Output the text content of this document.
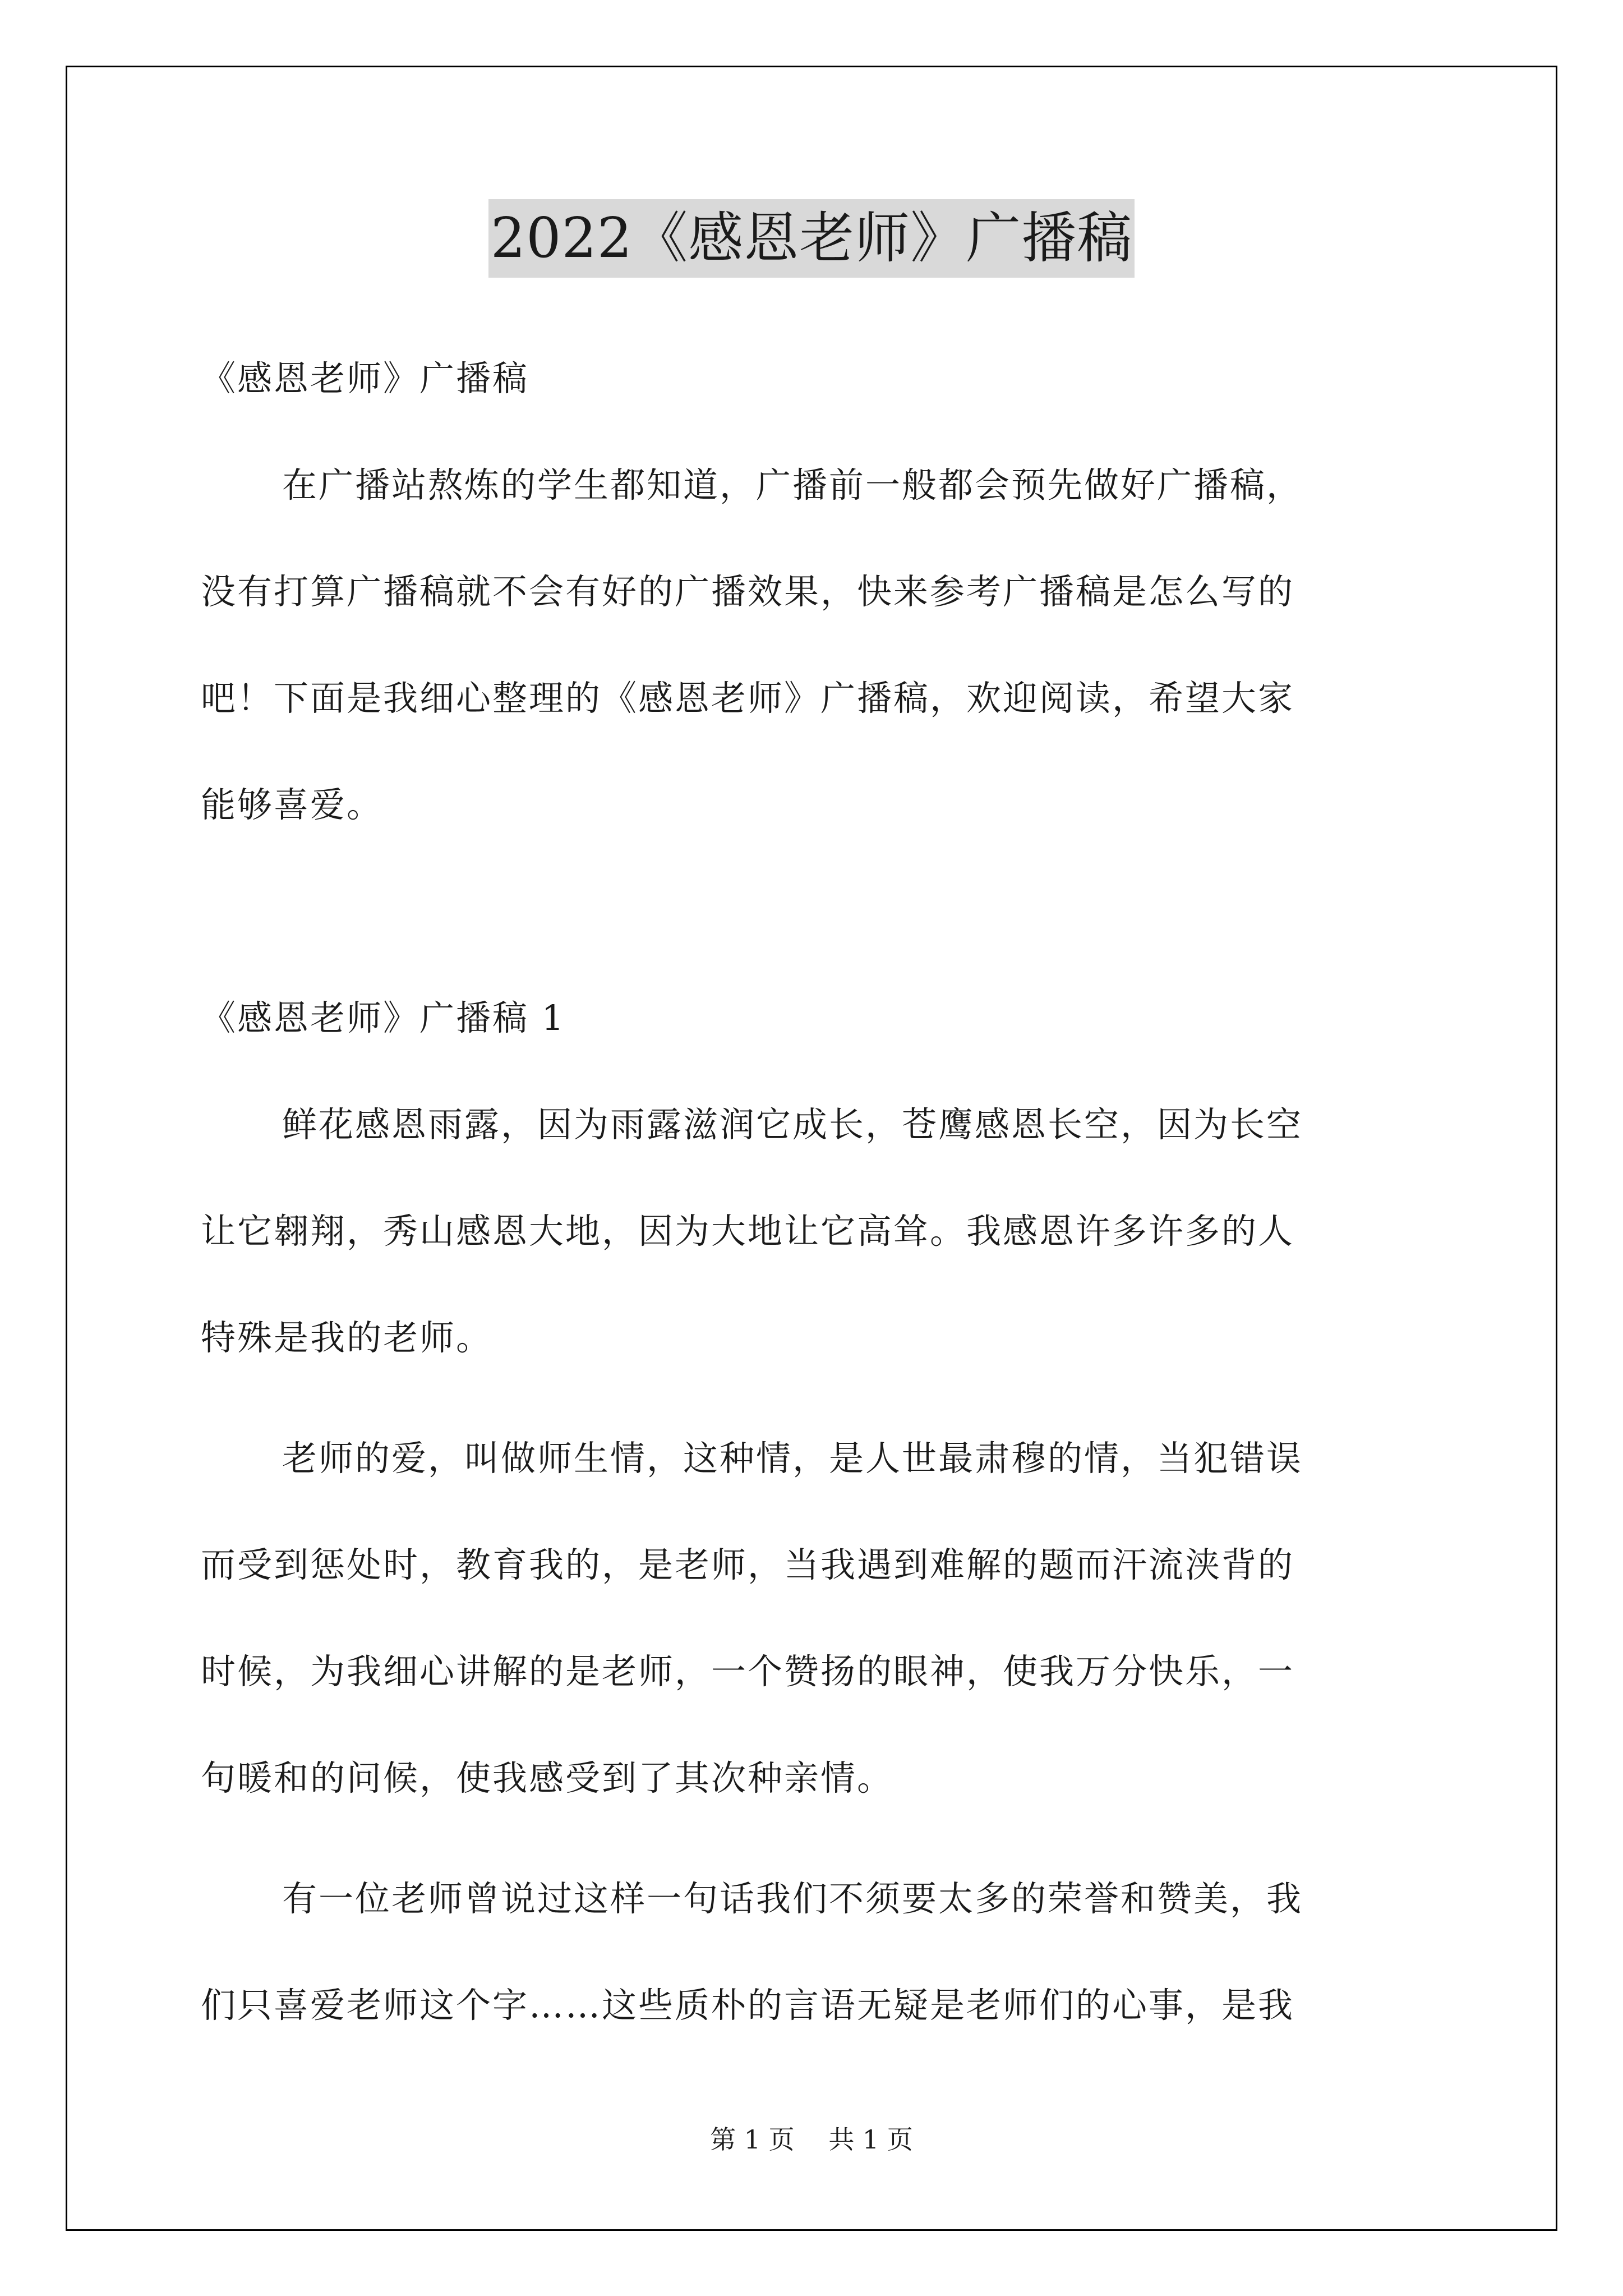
2022《感恩老师》广播稿
《感恩老师》广播稿
在广播站熬炼的学生都知道，广播前一般都会预先做好广播稿，
没有打算广播稿就不会有好的广播效果，快来参考广播稿是怎么写的
吧！下面是我细心整理的《感恩老师》广播稿，欢迎阅读，希望大家
能够喜爱。
《感恩老师》广播稿 1
鲜花感恩雨露，因为雨露滋润它成长，苍鹰感恩长空，因为长空
让它翱翔，秀山感恩大地，因为大地让它高耸。我感恩许多许多的人
特殊是我的老师。
老师的爱，叫做师生情，这种情，是人世最肃穆的情，当犯错误
而受到惩处时，教育我的，是老师，当我遇到难解的题而汗流浃背的
时候，为我细心讲解的是老师，一个赞扬的眼神，使我万分快乐，一
句暖和的问候，使我感受到了其次种亲情。
有一位老师曾说过这样一句话我们不须要太多的荣誉和赞美，我
们只喜爱老师这个字……这些质朴的言语无疑是老师们的心事，是我
第 1 页 共 1 页
